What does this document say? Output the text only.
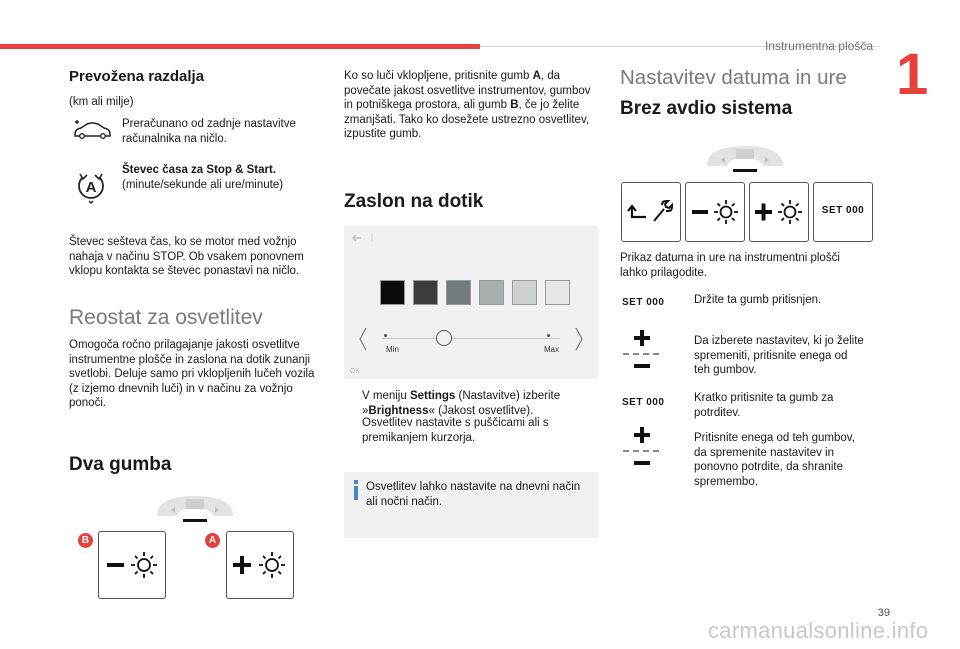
Instrumentna plošča 1
Prevožena razdalja
(km ali milje)
Preračunano od zadnje nastavitve računalnika na ničlo.
A
Števec časa za Stop & Start.
(minute/sekunde ali ure/minute)
Števec sešteva čas, ko se motor med vožnjo nahaja v načinu STOP. Ob vsakem ponovnem vklopu kontakta se števec ponastavi na ničlo.
Reostat za osvetlitev
Omogoča ročno prilagajanje jakosti osvetlitve instrumentne plošče in zaslona na dotik zunanji svetlobi. Deluje samo pri vklopljenih lučeh vozila (z izjemo dnevnih luči) in v načinu za vožnjo ponoči.
Dva gumba
B	A
Ko so luči vklopljene, pritisnite gumb A, da povečate jakost osvetlitve instrumentov, gumbov in potniškega prostora, ali gumb B, če jo želite zmanjšati. Tako ko dosežete ustrezno osvetlitev, izpustite gumb.
Zaslon na dotik
Min	Max
OK
V meniju Settings (Nastavitve) izberite »Brightness« (Jakost osvetlitve).
Osvetlitev nastavite s puščicami ali s premikanjem kurzorja.
Osvetlitev lahko nastavite na dnevni način ali nočni način.
Nastavitev datuma in ure
Brez avdio sistema
SET 000
Prikaz datuma in ure na instrumentni plošči lahko prilagodite.
SET 000	Držite ta gumb pritisnjen.
Da izberete nastavitev, ki jo želite spremeniti, pritisnite enega od teh gumbov.
SET 000	Kratko pritisnite ta gumb za potrditev.
Pritisnite enega od teh gumbov, da spremenite nastavitev in ponovno potrdite, da shranite spremembo.
39
carmanualsonline.info
